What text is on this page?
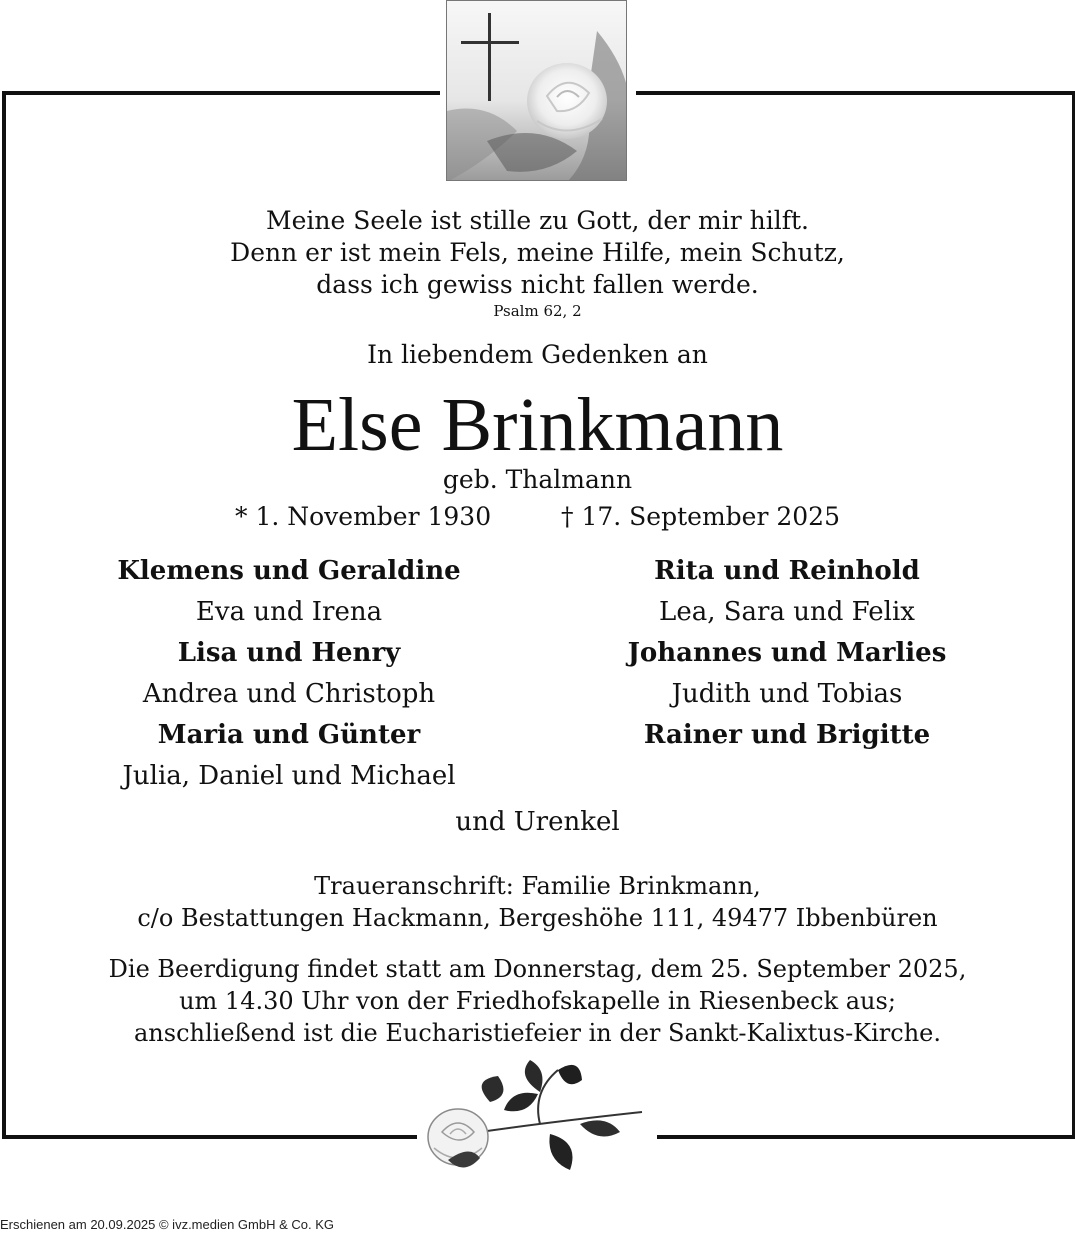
Meine Seele ist stille zu Gott, der mir hilft.
Denn er ist mein Fels, meine Hilfe, mein Schutz,
dass ich gewiss nicht fallen werde.
Psalm 62, 2
In liebendem Gedenken an
Else Brinkmann
geb. Thalmann
* 1. November 1930	† 17. September 2025
Klemens und Geraldine
Eva und Irena
Lisa und Henry
Andrea und Christoph
Maria und Günter
Julia, Daniel und Michael
Rita und Reinhold
Lea, Sara und Felix
Johannes und Marlies
Judith und Tobias
Rainer und Brigitte
und Urenkel
Traueranschrift: Familie Brinkmann,
c/o Bestattungen Hackmann, Bergeshöhe 111, 49477 Ibbenbüren
Die Beerdigung findet statt am Donnerstag, dem 25. September 2025,
um 14.30 Uhr von der Friedhofskapelle in Riesenbeck aus;
anschließend ist die Eucharistiefeier in der Sankt-Kalixtus-Kirche.
Erschienen am 20.09.2025 © ivz.medien GmbH & Co. KG
